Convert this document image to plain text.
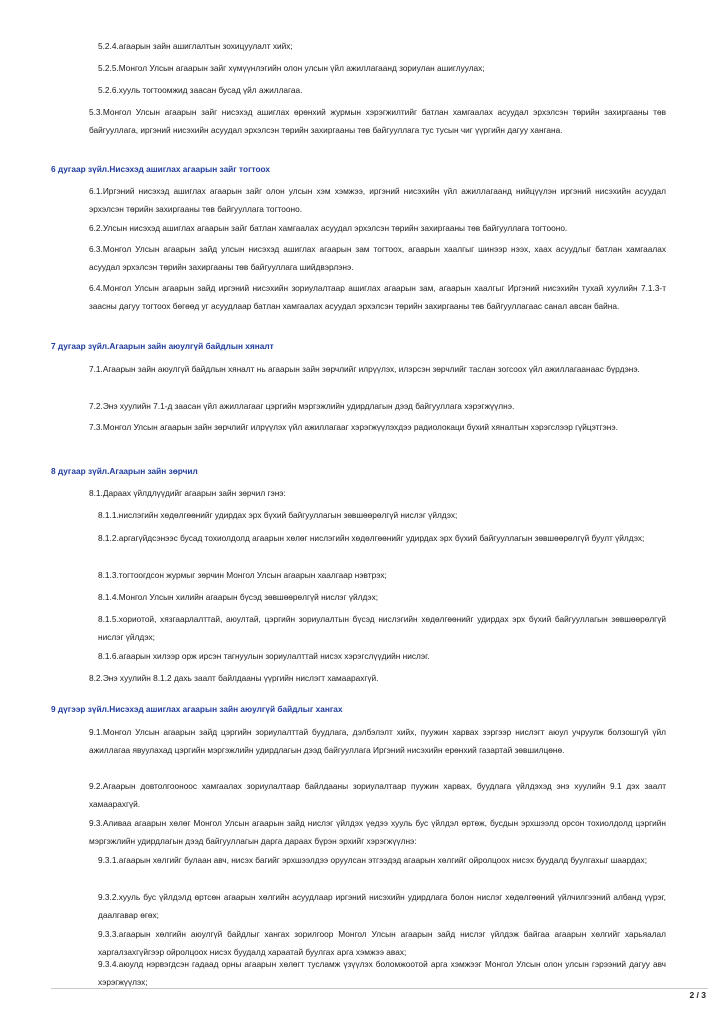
5.2.4.агаарын зайн ашиглалтын зохицуулалт хийх;

5.2.5.Монгол Улсын агаарын зайг хүмүүнлэгийн олон улсын үйл ажиллагаанд зориулан ашиглуулах;

5.2.6.хууль тогтоомжид заасан бусад үйл ажиллагаа.

5.3.Монгол Улсын агаарын зайг нисэхэд ашиглах өрөнхий журмын хэрэгжилтийг батлан хамгаалах асуудал эрхэлсэн төрийн захиргааны төв байгууллага, иргэний нисэхийн асуудал эрхэлсэн төрийн захиргааны төв байгууллага тус тусын чиг үүргийн дагуу хангана.

6 дугаар зүйл.Нисэхэд ашиглах агаарын зайг тогтоох

6.1.Иргэний нисэхэд ашиглах агаарын зайг олон улсын хэм хэмжээ, иргэний нисэхийн үйл ажиллагаанд нийцүүлэн иргэний нисэхийн асуудал эрхэлсэн төрийн захиргааны төв байгууллага тогтооно.

6.2.Улсын нисэхэд ашиглах агаарын зайг батлан хамгаалах асуудал эрхэлсэн төрийн захиргааны төв байгууллага тогтооно.

6.3.Монгол Улсын агаарын зайд улсын нисэхэд ашиглах агаарын зам тогтоох, агаарын хаалгыг шинээр нээх, хаах асуудлыг батлан хамгаалах асуудал эрхэлсэн төрийн захиргааны төв байгууллага шийдвэрлэнэ.

6.4.Монгол Улсын агаарын зайд иргэний нисэхийн зориулалтаар ашиглах агаарын зам, агаарын хаалгыг Иргэний нисэхийн тухай хуулийн 7.1.3-т заасны дагуу тогтоох бөгөөд уг асуудлаар батлан хамгаалах асуудал эрхэлсэн төрийн захиргааны төв байгууллагаас санал авсан байна.

7 дугаар зүйл.Агаарын зайн аюулгүй байдлын хяналт

7.1.Агаарын зайн аюулгүй байдлын хяналт нь агаарын зайн зөрчлийг илрүүлэх, илэрсэн зөрчлийг таслан зогсоох үйл ажиллагаанаас бүрдэнэ.

7.2.Энэ хуулийн 7.1-д заасан үйл ажиллагааг цэргийн мэргэжлийн удирдлагын дээд байгууллага хэрэгжүүлнэ.

7.3.Монгол Улсын агаарын зайн зөрчлийг илрүүлэх үйл ажиллагааг хэрэгжүүлэхдээ радиолокаци бүхий хяналтын хэрэгслээр гүйцэтгэнэ.

8 дугаар зүйл.Агаарын зайн зөрчил

8.1.Дараах үйлдлүүдийг агаарын зайн зөрчил гэнэ:

8.1.1.нислэгийн хөдөлгөөнийг удирдах эрх бүхий байгууллагын зөвшөөрөлгүй нислэг үйлдэх;

8.1.2.аргагүйдсэнээс бусад тохиолдолд агаарын хөлөг нислэгийн хөдөлгөөнийг удирдах эрх бүхий байгууллагын зөвшөөрөлгүй буулт үйлдэх;

8.1.3.тогтоогдсон журмыг зөрчин Монгол Улсын агаарын хаалгаар нэвтрэх;

8.1.4.Монгол Улсын хилийн агаарын бүсэд зөвшөөрөлгүй нислэг үйлдэх;

8.1.5.хориотой, хязгаарлалттай, аюултай, цэргийн зориулалтын бүсэд нислэгийн хөдөлгөөнийг удирдах эрх бүхий байгууллагын зөвшөөрөлгүй нислэг үйлдэх;

8.1.6.агаарын хилээр орж ирсэн тагнуулын зориулалттай нисэх хэрэгслүүдийн нислэг.

8.2.Энэ хуулийн 8.1.2 дахь заалт байлдааны үүргийн нислэгт хамаарахгүй.

9 дүгээр зүйл.Нисэхэд ашиглах агаарын зайн аюулгүй байдлыг хангах

9.1.Монгол Улсын агаарын зайд цэргийн зориулалттай буудлага, дэлбэлэлт хийх, пуужин харвах зэргээр нислэгт аюул учруулж болзошгүй үйл ажиллагаа явуулахад цэргийн мэргэжлийн удирдлагын дээд байгууллага Иргэний нисэхийн ерөнхий газартай зөвшилцөнө.

9.2.Агаарын довтолгооноос хамгаалах зориулалтаар байлдааны зориулалтаар пуужин харвах, буудлага үйлдэхэд энэ хуулийн 9.1 дэх заалт хамаарахгүй.

9.3.Аливаа агаарын хөлөг Монгол Улсын агаарын зайд нислэг үйлдэх үедээ хууль бус үйлдэл өртөж, бусдын эрхшээлд орсон тохиолдолд цэргийн мэргэжлийн удирдлагын дээд байгууллагын дарга дараах бүрэн эрхийг хэрэгжүүлнэ:

9.3.1.агаарын хөлгийг булаан авч, нисэх багийг эрхшээлдээ оруулсан этгээдэд агаарын хөлгийг ойролцоох нисэх буудалд буулгахыг шаардах;

9.3.2.хууль бус үйлдэлд өртсөн агаарын хөлгийн асуудлаар иргэний нисэхийн удирдлага болон нислэг хөдөлгөөний үйлчилгээний албанд үүрэг, даалгавар өгөх;

9.3.3.агаарын хөлгийн аюулгүй байдлыг хангах зорилгоор Монгол Улсын агаарын зайд нислэг үйлдэж байгаа агаарын хөлгийг харьяалал харгалзахгүйгээр ойролцоох нисэх буудалд хараатай буулгах арга хэмжээ авах;

9.3.4.аюулд нэрвэгдсэн гадаад орны агаарын хөлөгт тусламж үзүүлэх боломжоотой арга хэмжээг Монгол Улсын олон улсын гэрээний дагуу авч хэрэгжүүлэх;

2 / 3
